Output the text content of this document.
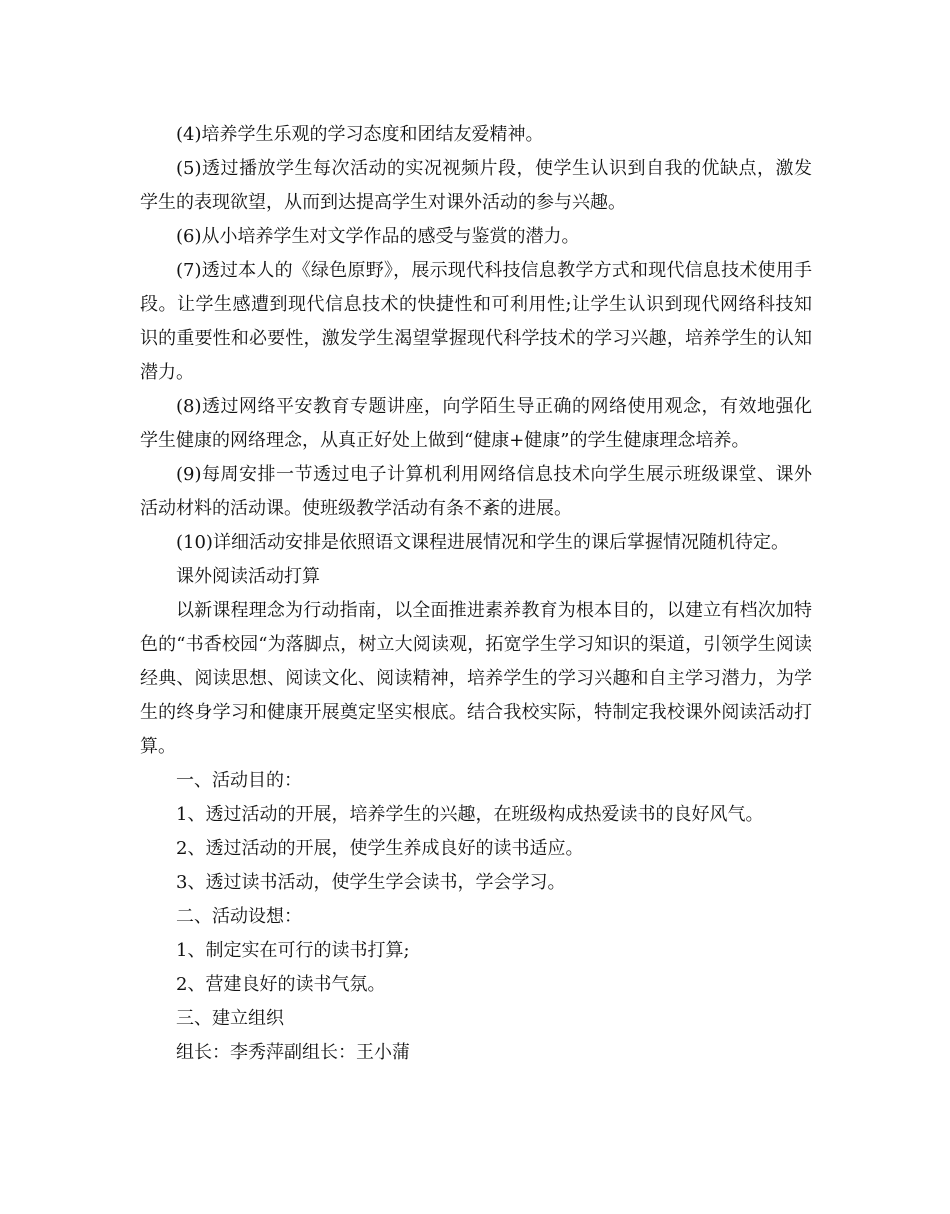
(4)培养学生乐观的学习态度和团结友爱精神。

(5)透过播放学生每次活动的实况视频片段，使学生认识到自我的优缺点，激发学生的表现欲望，从而到达提高学生对课外活动的参与兴趣。

(6)从小培养学生对文学作品的感受与鉴赏的潜力。

(7)透过本人的《绿色原野》，展示现代科技信息教学方式和现代信息技术使用手段。让学生感遭到现代信息技术的快捷性和可利用性;让学生认识到现代网络科技知识的重要性和必要性，激发学生渴望掌握现代科学技术的学习兴趣，培养学生的认知潜力。

(8)透过网络平安教育专题讲座，向学陌生导正确的网络使用观念，有效地强化学生健康的网络理念，从真正好处上做到“健康+健康”的学生健康理念培养。

(9)每周安排一节透过电子计算机利用网络信息技术向学生展示班级课堂、课外活动材料的活动课。使班级教学活动有条不紊的进展。

(10)详细活动安排是依照语文课程进展情况和学生的课后掌握情况随机待定。

课外阅读活动打算

以新课程理念为行动指南，以全面推进素养教育为根本目的，以建立有档次加特色的“书香校园“为落脚点，树立大阅读观，拓宽学生学习知识的渠道，引领学生阅读经典、阅读思想、阅读文化、阅读精神，培养学生的学习兴趣和自主学习潜力，为学生的终身学习和健康开展奠定坚实根底。结合我校实际，特制定我校课外阅读活动打算。

一、活动目的：

1、透过活动的开展，培养学生的兴趣，在班级构成热爱读书的良好风气。

2、透过活动的开展，使学生养成良好的读书适应。

3、透过读书活动，使学生学会读书，学会学习。

二、活动设想：

1、制定实在可行的读书打算;

2、营建良好的读书气氛。

三、建立组织

组长：李秀萍副组长：王小蒲
